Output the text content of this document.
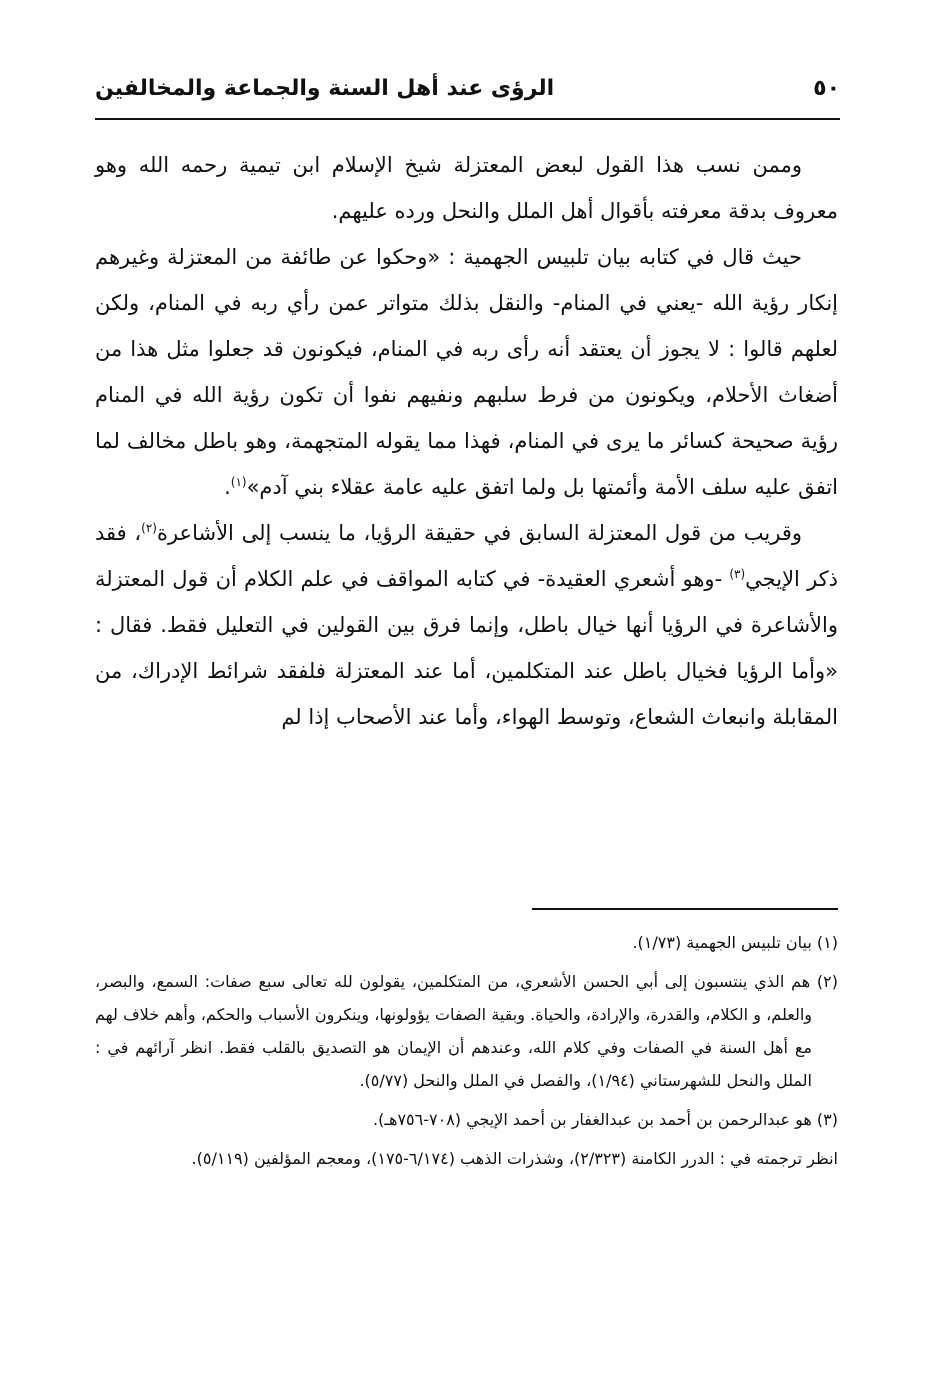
٥٠
الرؤى عند أهل السنة والجماعة والمخالفين

وممن نسب هذا القول لبعض المعتزلة شيخ الإسلام ابن تيمية رحمه الله وهو معروف بدقة معرفته بأقوال أهل الملل والنحل ورده عليهم.

حيث قال في كتابه بيان تلبيس الجهمية : «وحكوا عن طائفة من المعتزلة وغيرهم إنكار رؤية الله -يعني في المنام- والنقل بذلك متواتر عمن رأي ربه في المنام، ولكن لعلهم قالوا : لا يجوز أن يعتقد أنه رأى ربه في المنام، فيكونون قد جعلوا مثل هذا من أضغاث الأحلام، ويكونون من فرط سلبهم ونفيهم نفوا أن تكون رؤية الله في المنام رؤية صحيحة كسائر ما يرى في المنام، فهذا مما يقوله المتجهمة، وهو باطل مخالف لما اتفق عليه سلف الأمة وأئمتها بل ولما اتفق عليه عامة عقلاء بني آدم»$^{(١)}$.

وقريب من قول المعتزلة السابق في حقيقة الرؤيا، ما ينسب إلى الأشاعرة$^{(٢)}$، فقد ذكر الإيجي$^{(٣)}$ -وهو أشعري العقيدة- في كتابه المواقف في علم الكلام أن قول المعتزلة والأشاعرة في الرؤيا أنها خيال باطل، وإنما فرق بين القولين في التعليل فقط. فقال : «وأما الرؤيا فخيال باطل عند المتكلمين، أما عند المعتزلة فلفقد شرائط الإدراك، من المقابلة وانبعاث الشعاع، وتوسط الهواء، وأما عند الأصحاب إذا لم

(١) بيان تلبيس الجهمية (١/٧٣).

(٢) هم الذي ينتسبون إلى أبي الحسن الأشعري، من المتكلمين، يقولون لله تعالى سبع صفات: السمع، والبصر، والعلم، و الكلام، والقدرة، والإرادة، والحياة. وبقية الصفات يؤولونها، وينكرون الأسباب والحكم، وأهم خلاف لهم مع أهل السنة في الصفات وفي كلام الله، وعندهم أن الإيمان هو التصديق بالقلب فقط. انظر آرائهم في : الملل والنحل للشهرستاني (١/٩٤)، والفصل في الملل والنحل (٥/٧٧).

(٣) هو عبدالرحمن بن أحمد بن عبدالغفار بن أحمد الإيجي (٧٠٨-٧٥٦هـ).

انظر ترجمته في : الدرر الكامنة (٢/٣٢٣)، وشذرات الذهب (٦/١٧٤-١٧٥)، ومعجم المؤلفين (٥/١١٩).
